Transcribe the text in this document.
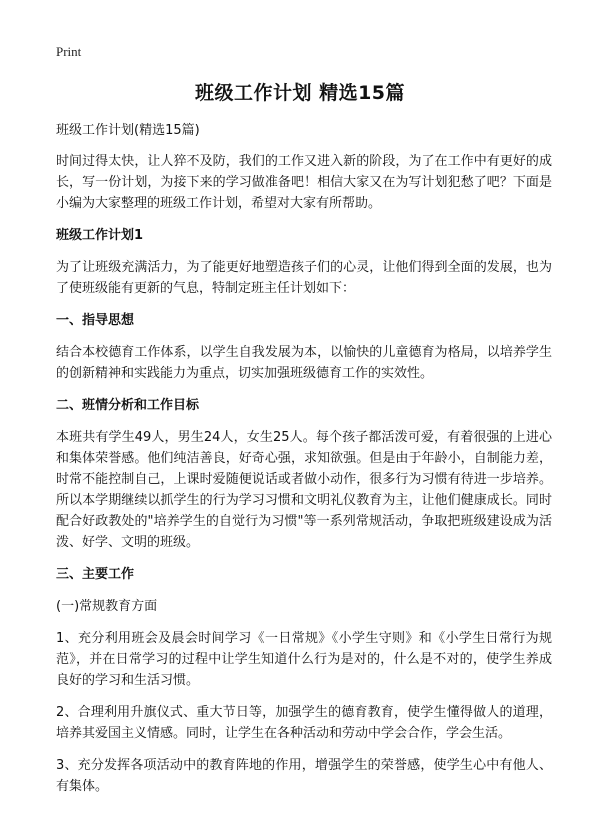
Print
班级工作计划 精选15篇

班级工作计划(精选15篇)

时间过得太快，让人猝不及防，我们的工作又进入新的阶段，为了在工作中有更好的成长，写一份计划，为接下来的学习做准备吧！相信大家又在为写计划犯愁了吧？下面是小编为大家整理的班级工作计划，希望对大家有所帮助。

班级工作计划1

为了让班级充满活力，为了能更好地塑造孩子们的心灵，让他们得到全面的发展，也为了使班级能有更新的气息，特制定班主任计划如下：

一、指导思想

结合本校德育工作体系，以学生自我发展为本，以愉快的儿童德育为格局，以培养学生的创新精神和实践能力为重点，切实加强班级德育工作的实效性。

二、班情分析和工作目标

本班共有学生49人，男生24人，女生25人。每个孩子都活泼可爱，有着很强的上进心和集体荣誉感。他们纯洁善良，好奇心强，求知欲强。但是由于年龄小，自制能力差，时常不能控制自己，上课时爱随便说话或者做小动作，很多行为习惯有待进一步培养。所以本学期继续以抓学生的行为学习习惯和文明礼仪教育为主，让他们健康成长。同时配合好政教处的"培养学生的自觉行为习惯"等一系列常规活动，争取把班级建设成为活泼、好学、文明的班级。

三、主要工作

(一)常规教育方面

1、充分利用班会及晨会时间学习《一日常规》《小学生守则》和《小学生日常行为规范》，并在日常学习的过程中让学生知道什么行为是对的，什么是不对的，使学生养成良好的学习和生活习惯。

2、合理利用升旗仪式、重大节日等，加强学生的德育教育，使学生懂得做人的道理，培养其爱国主义情感。同时，让学生在各种活动和劳动中学会合作，学会生活。

3、充分发挥各项活动中的教育阵地的作用，增强学生的荣誉感，使学生心中有他人、有集体。
